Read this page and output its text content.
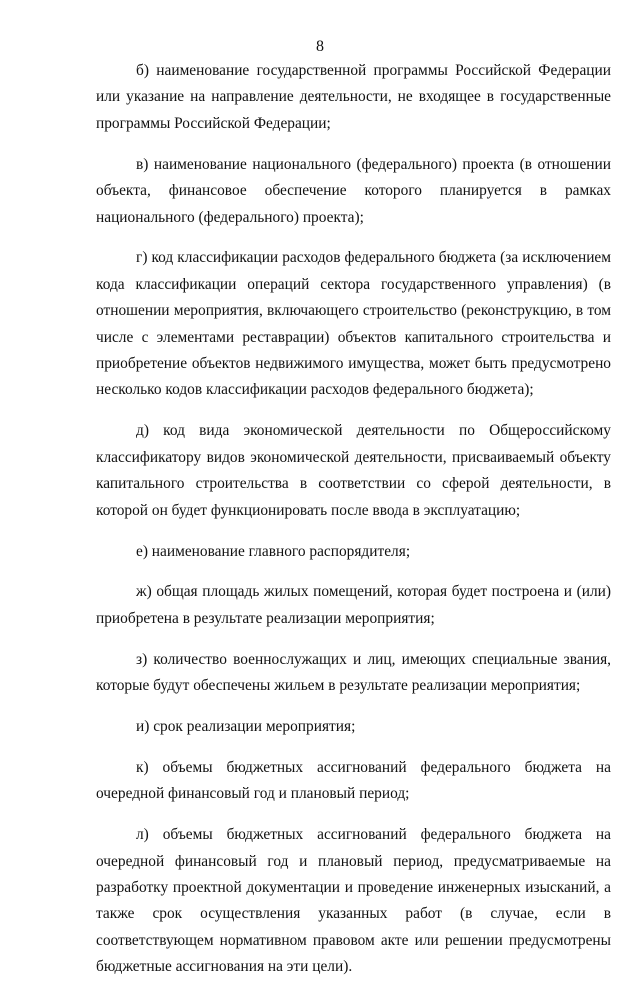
8

б) наименование государственной программы Российской Федерации или указание на направление деятельности, не входящее в государственные программы Российской Федерации;

в) наименование национального (федерального) проекта (в отношении объекта, финансовое обеспечение которого планируется в рамках национального (федерального) проекта);

г) код классификации расходов федерального бюджета (за исключением кода классификации операций сектора государственного управления) (в отношении мероприятия, включающего строительство (реконструкцию, в том числе с элементами реставрации) объектов капитального строительства и приобретение объектов недвижимого имущества, может быть предусмотрено несколько кодов классификации расходов федерального бюджета);

д) код вида экономической деятельности по Общероссийскому классификатору видов экономической деятельности, присваиваемый объекту капитального строительства в соответствии со сферой деятельности, в которой он будет функционировать после ввода в эксплуатацию;

е) наименование главного распорядителя;

ж) общая площадь жилых помещений, которая будет построена и (или) приобретена в результате реализации мероприятия;

з) количество военнослужащих и лиц, имеющих специальные звания, которые будут обеспечены жильем в результате реализации мероприятия;

и) срок реализации мероприятия;

к) объемы бюджетных ассигнований федерального бюджета на очередной финансовый год и плановый период;

л) объемы бюджетных ассигнований федерального бюджета на очередной финансовый год и плановый период, предусматриваемые на разработку проектной документации и проведение инженерных изысканий, а также срок осуществления указанных работ (в случае, если в соответствующем нормативном правовом акте или решении предусмотрены бюджетные ассигнования на эти цели).
